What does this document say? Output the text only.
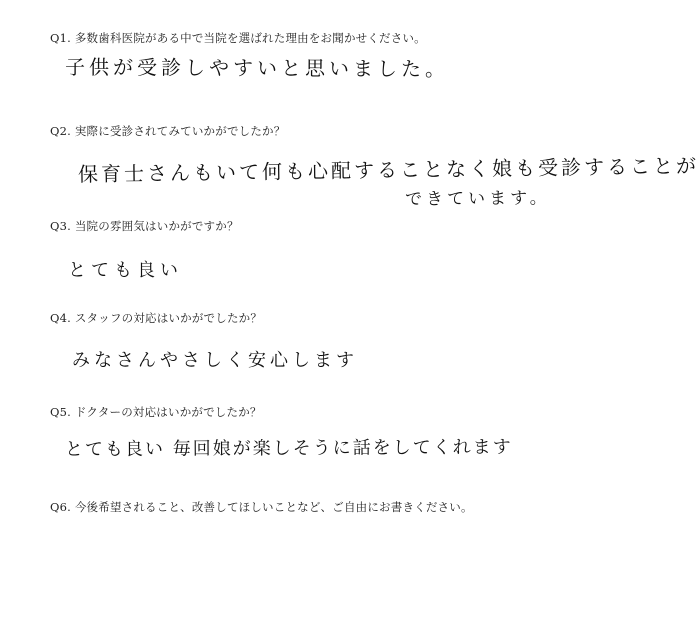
Q1. 多数歯科医院がある中で当院を選ばれた理由をお聞かせください。
子供が受診しやすいと思いました。
Q2. 実際に受診されてみていかがでしたか？
保育士さんもいて何も心配することなく娘も受診することが
できています。
Q3. 当院の雰囲気はいかがですか？
とても良い
Q4. スタッフの対応はいかがでしたか？
みなさんやさしく安心します
Q5. ドクターの対応はいかがでしたか？
とても良い 毎回娘が楽しそうに話をしてくれます
Q6. 今後希望されること、改善してほしいことなど、ご自由にお書きください。
